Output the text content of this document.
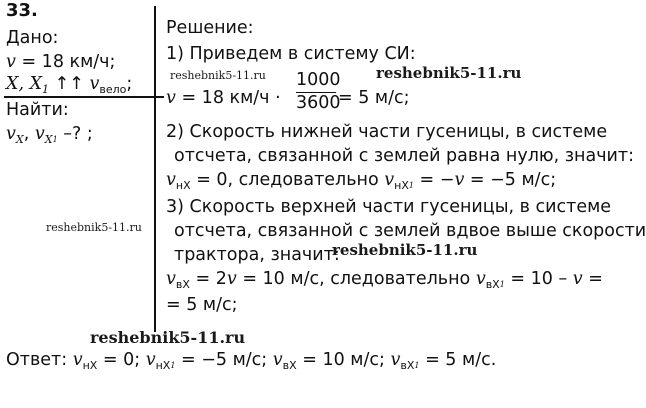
33.
Дано:
v = 18 км/ч;
X, $X_1$ ↑↑ $v_{вело}$;
Найти:
$v_X$, $v_X1$ –? ;
Решение:
1) Приведем в систему СИ:
v = 18 км/ч ·
1000
3600
= 5 м/с;
2) Скорость нижней части гусеницы, в системе
отсчета, связанной с землей равна нулю, значит:
$v_{нX} = 0$, следовательно $v_{нX}1 = -v = -5$ м/с;
3) Скорость верхней части гусеницы, в системе
отсчета, связанной с землей вдвое выше скорости
трактора, значит:
$v_{вX} = 2v = 10$ м/с, следовательно $v_{вX}1 = 10 - v$ =
= 5 м/с;
Ответ: $v_{нX} = 0$; $v_{нX}1 = -5$ м/с; $v_{вX} = 10$ м/с; $v_{вX}1 = 5$ м/с.
reshebnik5-11.ru	reshebnik5-11.ru
reshebnik5-11.ru
reshebnik5-11.ru
reshebnik5-11.ru
